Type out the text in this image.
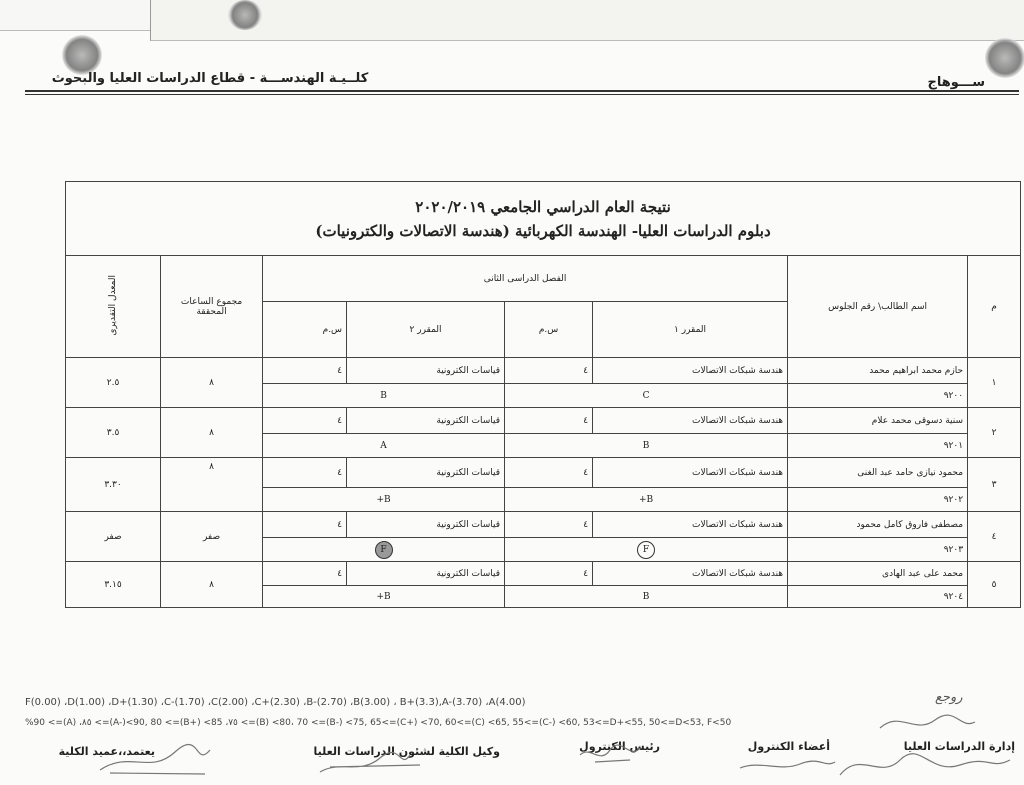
كلــيـة الهندســـة - قطاع الدراسات العليا والبحوث	ســـوهاج
نتيجة العام الدراسي الجامعي ٢٠٢٠/٢٠١٩
دبلوم الدراسات العليا- الهندسة الكهربائية (هندسة الاتصالات والكترونيات)							

م	اسم الطالب\ رقم الجلوس	الفصل الدراسى الثانى				مجموع الساعات المحققة	المعدل التقديرى
		المقرر ١	س.م	المقرر ٢	س.م		
١	حازم محمد ابراهيم محمد	هندسة شبكات الاتصالات	٤	قياسات الكترونية	٤	٨	٢.٥
	٩٢٠٠	C		B			
٢	سنية دسوقى محمد علام	هندسة شبكات الاتصالات	٤	قياسات الكترونية	٤	٨	٣.٥
	٩٢٠١	B		A			
٣	محمود نيازى حامد عبد الغنى	هندسة شبكات الاتصالات	٤	قياسات الكترونية	٤	٨	٣.٣٠
	٩٢٠٢	B+		B+			
٤	مصطفى فاروق كامل محمود	هندسة شبكات الاتصالات	٤	قياسات الكترونية	٤	صفر	صفر
	٩٢٠٣	F		F			
٥	محمد على عبد الهادى	هندسة شبكات الاتصالات	٤	قياسات الكترونية	٤	٨	٣.١٥
	٩٢٠٤	B		B+			
F(0.00) ،D(1.00) ،D+(1.30) ،C-(1.70) ،C(2.00) ،C+(2.30) ،B-(2.70) ،B(3.00) ، B+(3.3),A-(3.70) ،A(4.00)
%90 <=(A) ،٨٥ <=(A-)<90, 80 <=(B+) <85 ،٧٥ <=(B) <80، 70 <=(B-) <75, 65<=(C+) <70, 60<=(C) <65, 55<=(C-) <60, 53<=D+<55, 50<=D<53, F<50
إدارة الدراسات العليا
أعضاء الكنترول
رئيس الكنترول
وكيل الكلية لشئون الدراسات العليا
يعتمد،،عميد الكلية
روجع
